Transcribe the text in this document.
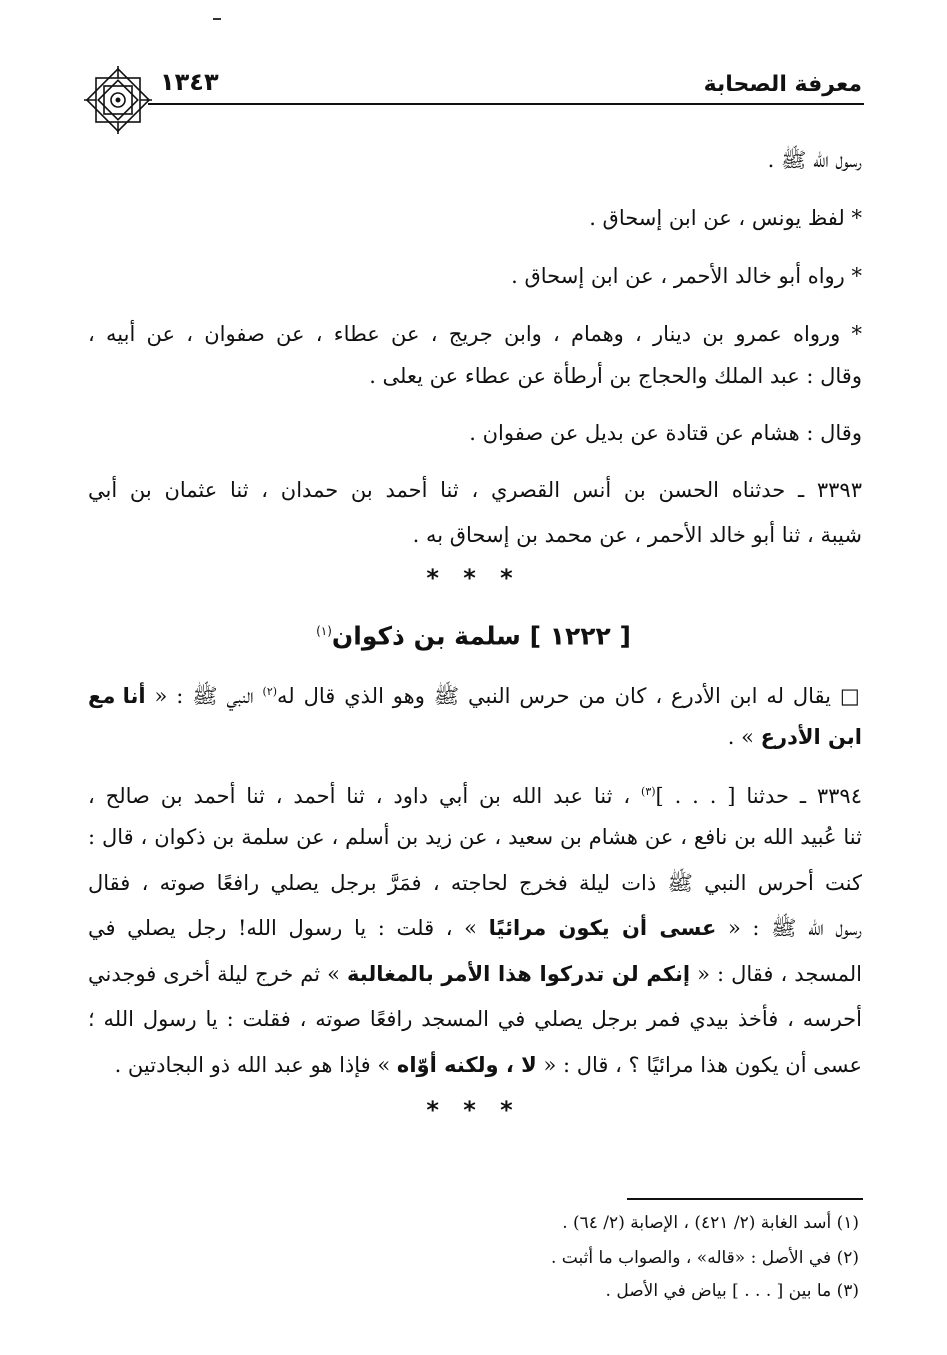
معرفة الصحابة
١٣٤٣
رسول الله ﷺ .
* لفظ يونس ، عن ابن إسحاق .
* رواه أبو خالد الأحمر ، عن ابن إسحاق .
* ورواه عمرو بن دينار ، وهمام ، وابن جريج ، عن عطاء ، عن صفوان ، عن أبيه ،
وقال : عبد الملك والحجاج بن أرطأة عن عطاء عن يعلى .
وقال : هشام عن قتادة عن بديل عن صفوان .
٣٣٩٣ ـ حدثناه الحسن بن أنس القصري ، ثنا أحمد بن حمدان ، ثنا عثمان بن أبي
شيبة ، ثنا أبو خالد الأحمر ، عن محمد بن إسحاق به .
* * *
[ ١٢٢٢ ] سلمة بن ذكوان$^{(١)}$
□ يقال له ابن الأدرع ، كان من حرس النبي ﷺ وهو الذي قال له$^{(٢)}$ النبي ﷺ : « أنا مع
ابن الأدرع » .
٣٣٩٤ ـ حدثنا [ . . . ]$^{(٣)}$ ، ثنا عبد الله بن أبي داود ، ثنا أحمد ، ثنا أحمد بن صالح ،
ثنا عُبيد الله بن نافع ، عن هشام بن سعيد ، عن زيد بن أسلم ، عن سلمة بن ذكوان ، قال :
كنت أحرس النبي ﷺ ذات ليلة فخرج لحاجته ، فمَرَّ برجل يصلي رافعًا صوته ، فقال
رسول الله ﷺ : « عسى أن يكون مرائيًا » ، قلت : يا رسول الله! رجل يصلي في
المسجد ، فقال : « إنكم لن تدركوا هذا الأمر بالمغالبة » ثم خرج ليلة أخرى فوجدني
أحرسه ، فأخذ بيدي فمر برجل يصلي في المسجد رافعًا صوته ، فقلت : يا رسول الله ؛
عسى أن يكون هذا مرائيًا ؟ ، قال : « لا ، ولكنه أوّاه » فإذا هو عبد الله ذو البجادتين .
* * *
(١) أسد الغابة (٢/ ٤٢١) ، الإصابة (٢/ ٦٤) .
(٢) في الأصل : «قاله» ، والصواب ما أثبت .
(٣) ما بين [ . . . ] بياض في الأصل .
